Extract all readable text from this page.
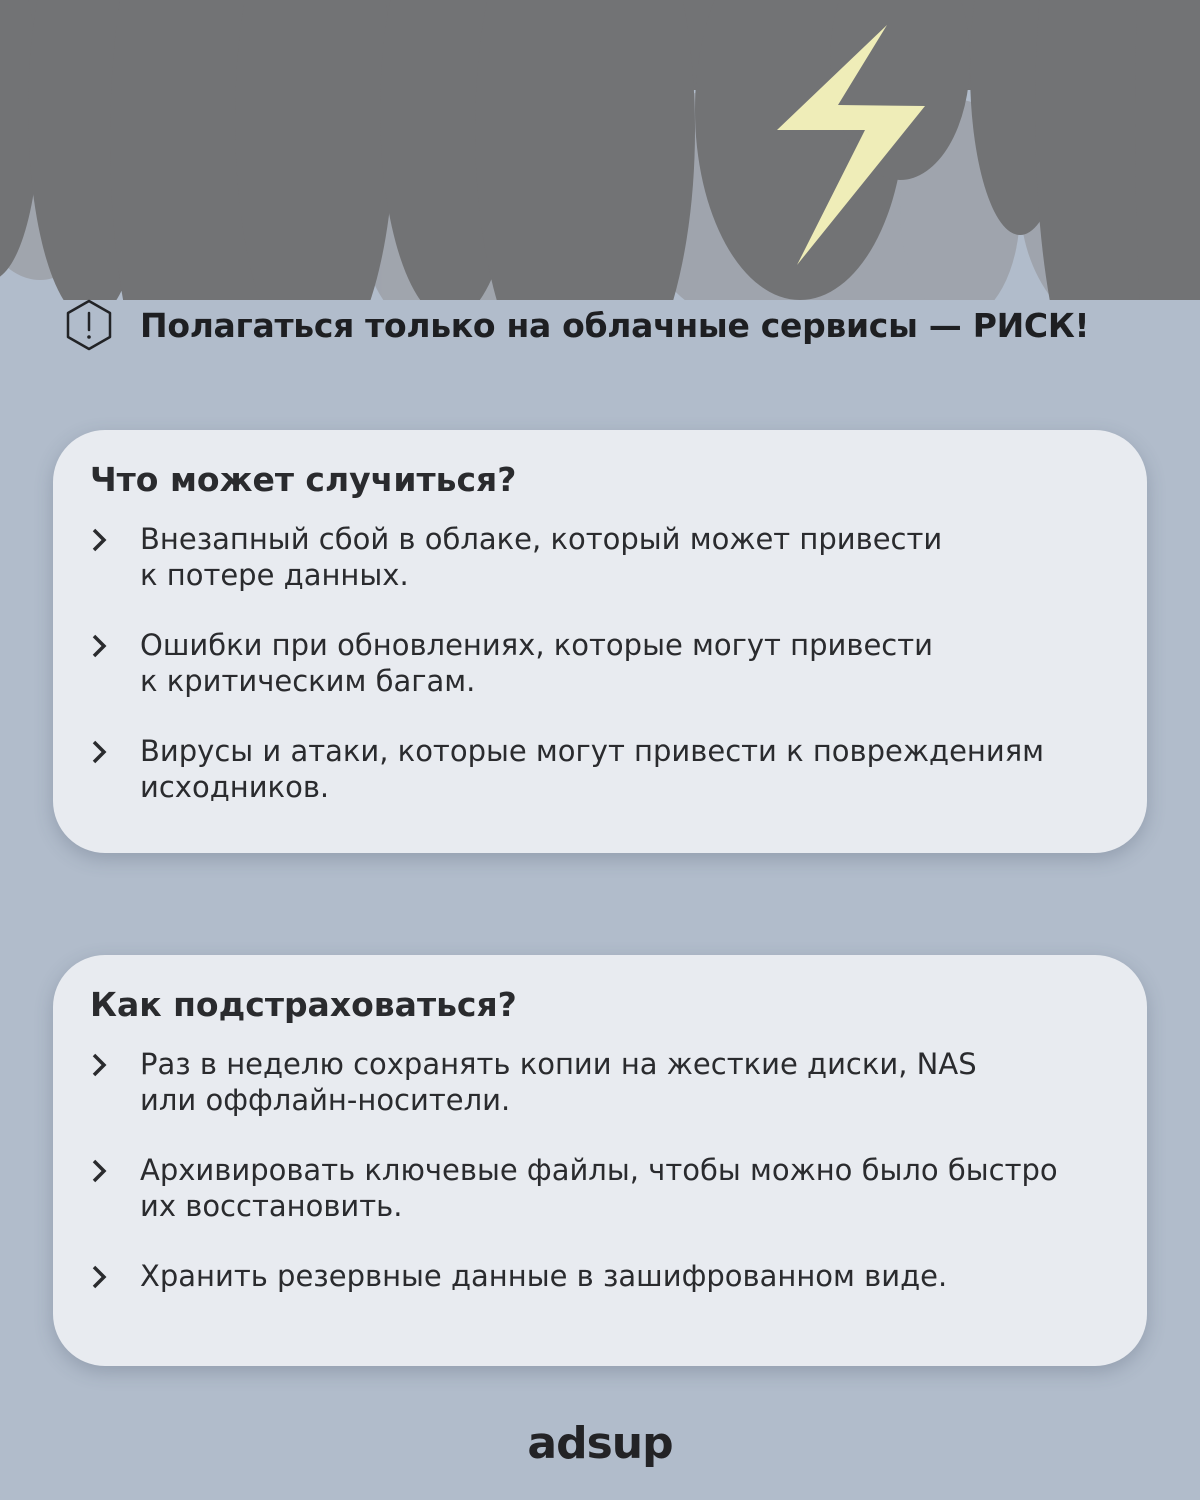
Полагаться только на облачные сервисы — РИСК!
Что может случиться?
Внезапный сбой в облаке, который может привести
к потере данных.
Ошибки при обновлениях, которые могут привести
к критическим багам.
Вирусы и атаки, которые могут привести к повреждениям
исходников.
Как подстраховаться?
Раз в неделю сохранять копии на жесткие диски, NAS
или оффлайн-носители.
Архивировать ключевые файлы, чтобы можно было быстро
их восстановить.
Хранить резервные данные в зашифрованном виде.
adsup
